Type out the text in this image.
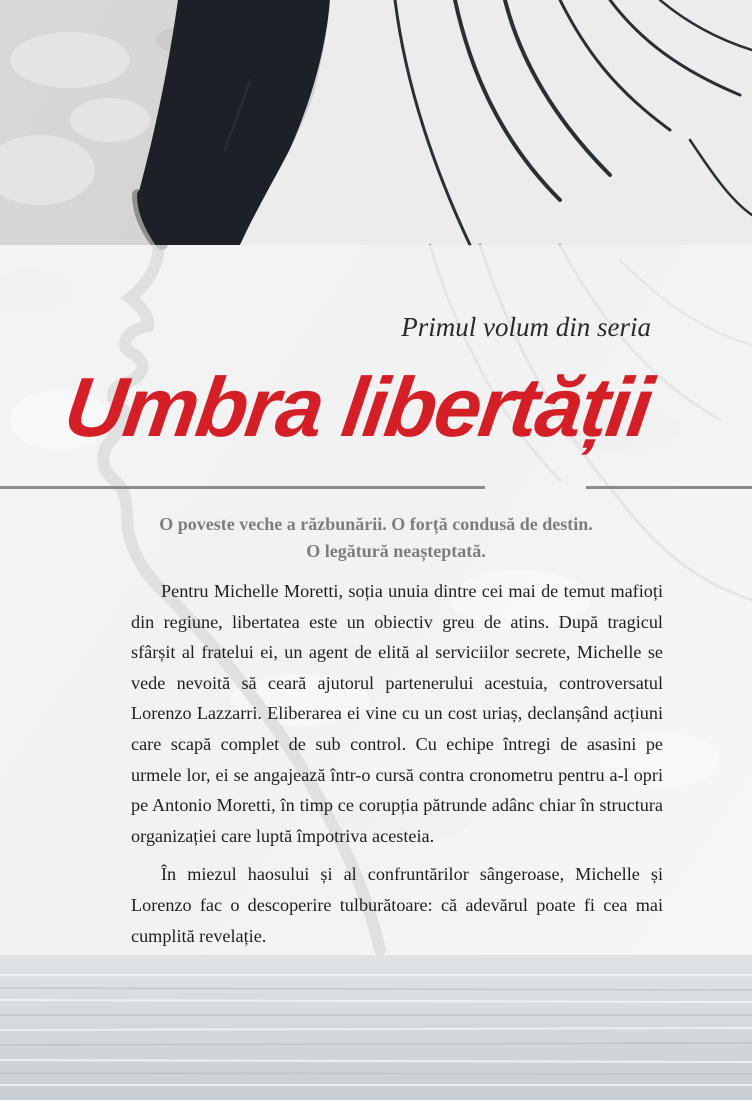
Primul volum din seria
Umbra libertății
O poveste veche a răzbunării. O forță condusă de destin.
O legătură neașteptată.

Pentru Michelle Moretti, soția unuia dintre cei mai de temut mafioți din regiune, libertatea este un obiectiv greu de atins. După tragicul sfârșit al fratelui ei, un agent de elită al serviciilor secrete, Michelle se vede nevoită să ceară ajutorul partenerului acestuia, controversatul Lorenzo Lazzarri. Eliberarea ei vine cu un cost uriaș, declanșând acțiuni care scapă complet de sub control. Cu echipe întregi de asasini pe urmele lor, ei se angajează într-o cursă contra cronometru pentru a-l opri pe Antonio Moretti, în timp ce corupția pătrunde adânc chiar în structura organizației care luptă împotriva acesteia.

În miezul haosului și al confruntărilor sângeroase, Michelle și Lorenzo fac o descoperire tulburătoare: că adevărul poate fi cea mai cumplită revelație.
